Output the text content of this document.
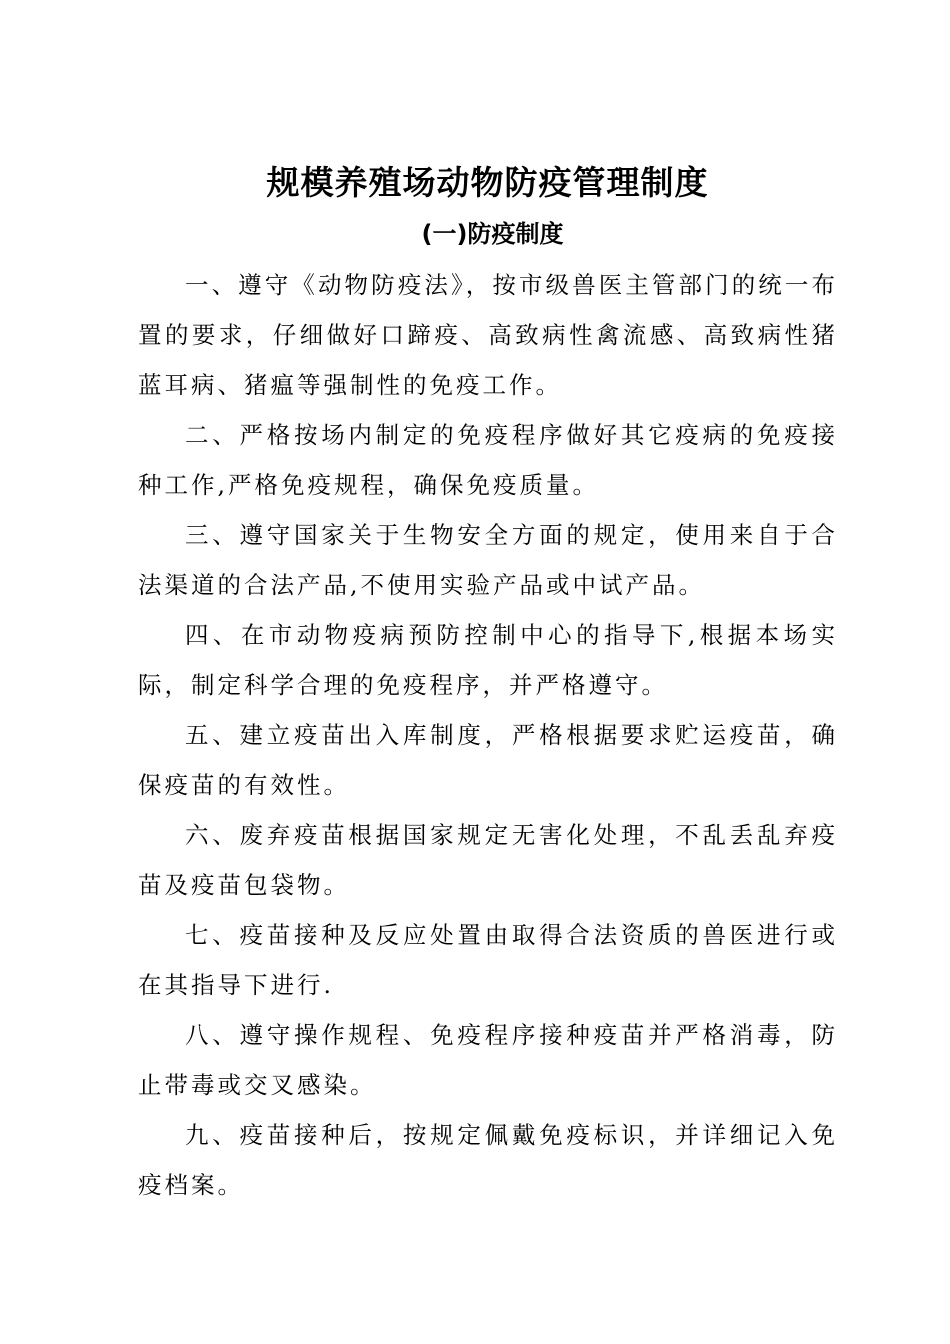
规模养殖场动物防疫管理制度
(一)防疫制度

一、遵守《动物防疫法》，按市级兽医主管部门的统一布置的要求，仔细做好口蹄疫、高致病性禽流感、高致病性猪蓝耳病、猪瘟等强制性的免疫工作。

二、严格按场内制定的免疫程序做好其它疫病的免疫接种工作,严格免疫规程，确保免疫质量。

三、遵守国家关于生物安全方面的规定，使用来自于合法渠道的合法产品,不使用实验产品或中试产品。

四、在市动物疫病预防控制中心的指导下,根据本场实际，制定科学合理的免疫程序，并严格遵守。

五、建立疫苗出入库制度，严格根据要求贮运疫苗，确保疫苗的有效性。

六、废弃疫苗根据国家规定无害化处理，不乱丢乱弃疫苗及疫苗包袋物。

七、疫苗接种及反应处置由取得合法资质的兽医进行或在其指导下进行.

八、遵守操作规程、免疫程序接种疫苗并严格消毒，防止带毒或交叉感染。

九、疫苗接种后，按规定佩戴免疫标识，并详细记入免疫档案。
